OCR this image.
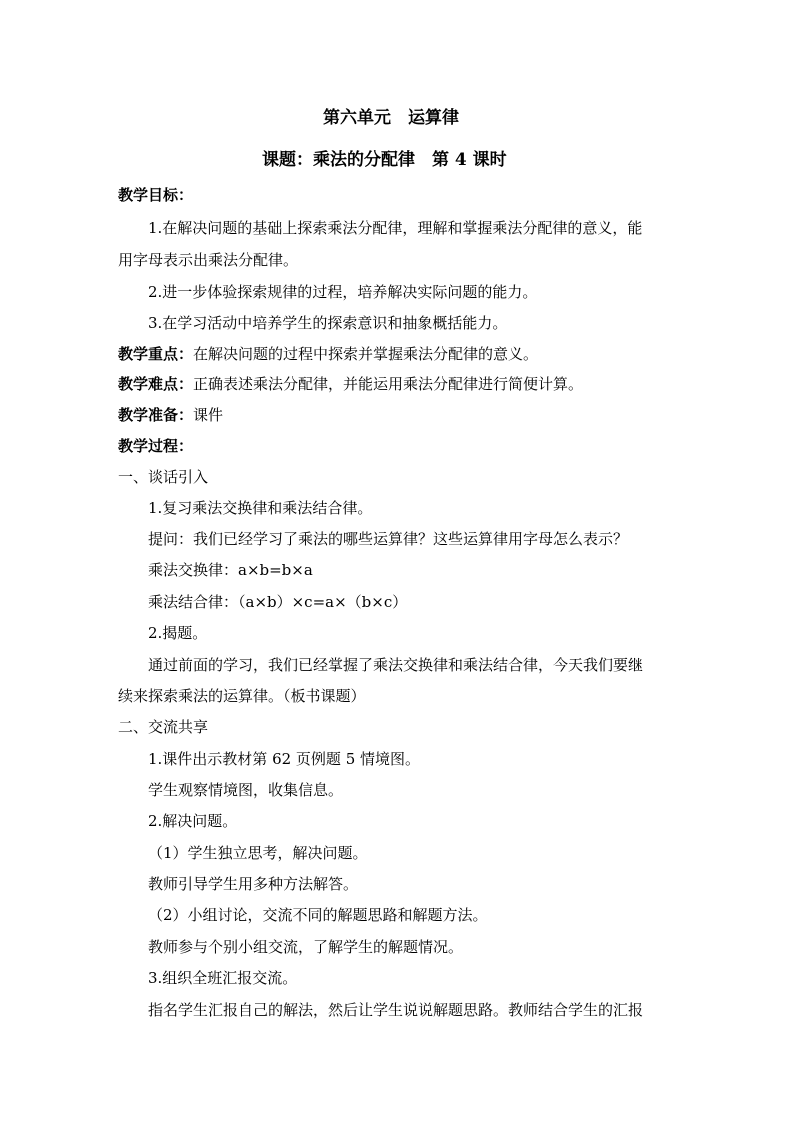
第六单元　运算律
课题：乘法的分配律　第 4 课时
教学目标：
1.在解决问题的基础上探索乘法分配律，理解和掌握乘法分配律的意义，能
用字母表示出乘法分配律。
2.进一步体验探索规律的过程，培养解决实际问题的能力。
3.在学习活动中培养学生的探索意识和抽象概括能力。
教学重点：在解决问题的过程中探索并掌握乘法分配律的意义。
教学难点：正确表述乘法分配律，并能运用乘法分配律进行简便计算。
教学准备：课件
教学过程：
一、谈话引入
1.复习乘法交换律和乘法结合律。
提问：我们已经学习了乘法的哪些运算律？这些运算律用字母怎么表示？
乘法交换律：a×b=b×a
乘法结合律：（a×b）×c=a×（b×c）
2.揭题。
通过前面的学习，我们已经掌握了乘法交换律和乘法结合律，今天我们要继
续来探索乘法的运算律。（板书课题）
二、交流共享
1.课件出示教材第 62 页例题 5 情境图。
学生观察情境图，收集信息。
2.解决问题。
（1）学生独立思考，解决问题。
教师引导学生用多种方法解答。
（2）小组讨论，交流不同的解题思路和解题方法。
教师参与个别小组交流，了解学生的解题情况。
3.组织全班汇报交流。
指名学生汇报自己的解法，然后让学生说说解题思路。教师结合学生的汇报
